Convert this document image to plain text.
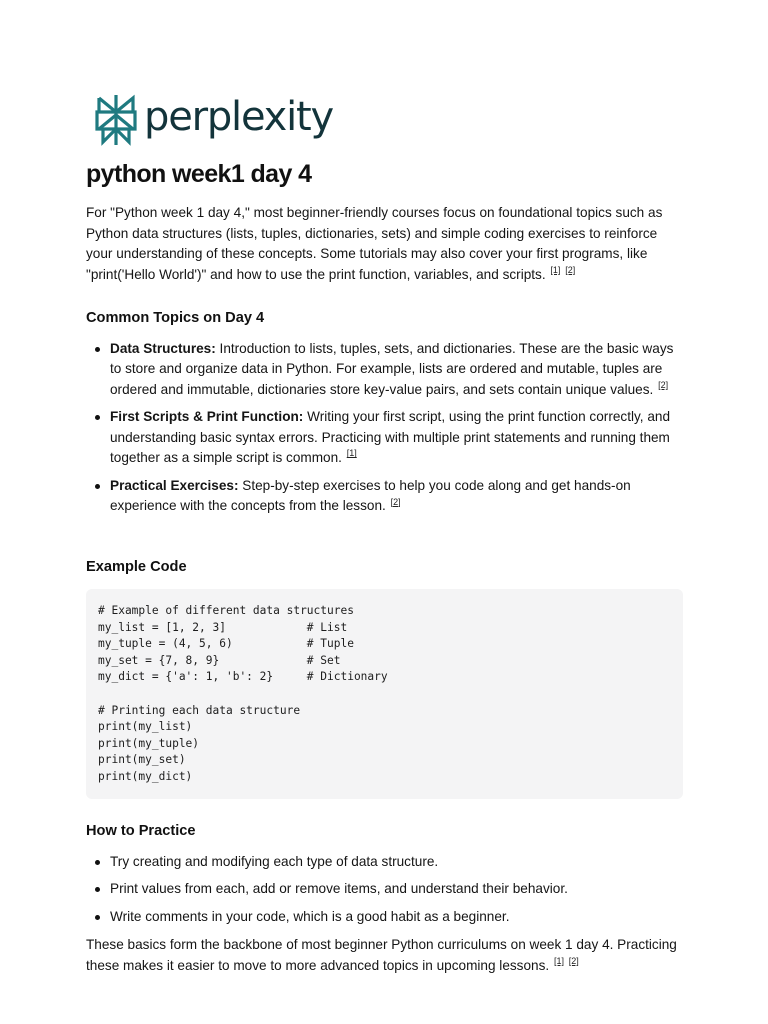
perplexity
python week1 day 4

For "Python week 1 day 4," most beginner-friendly courses focus on foundational topics such as Python data structures (lists, tuples, dictionaries, sets) and simple coding exercises to reinforce your understanding of these concepts. Some tutorials may also cover your first programs, like "print('Hello World')" and how to use the print function, variables, and scripts. [1] [2]

Common Topics on Day 4
Data Structures: Introduction to lists, tuples, sets, and dictionaries. These are the basic ways to store and organize data in Python. For example, lists are ordered and mutable, tuples are ordered and immutable, dictionaries store key-value pairs, and sets contain unique values. [2]
First Scripts & Print Function: Writing your first script, using the print function correctly, and understanding basic syntax errors. Practicing with multiple print statements and running them together as a simple script is common. [1]
Practical Exercises: Step-by-step exercises to help you code along and get hands-on experience with the concepts from the lesson. [2]
Example Code
# Example of different data structures
my_list = [1, 2, 3]            # List
my_tuple = (4, 5, 6)           # Tuple
my_set = {7, 8, 9}             # Set
my_dict = {'a': 1, 'b': 2}     # Dictionary

# Printing each data structure
print(my_list)
print(my_tuple)
print(my_set)
print(my_dict)
How to Practice
Try creating and modifying each type of data structure.
Print values from each, add or remove items, and understand their behavior.
Write comments in your code, which is a good habit as a beginner.

These basics form the backbone of most beginner Python curriculums on week 1 day 4. Practicing these makes it easier to move to more advanced topics in upcoming lessons. [1] [2]
